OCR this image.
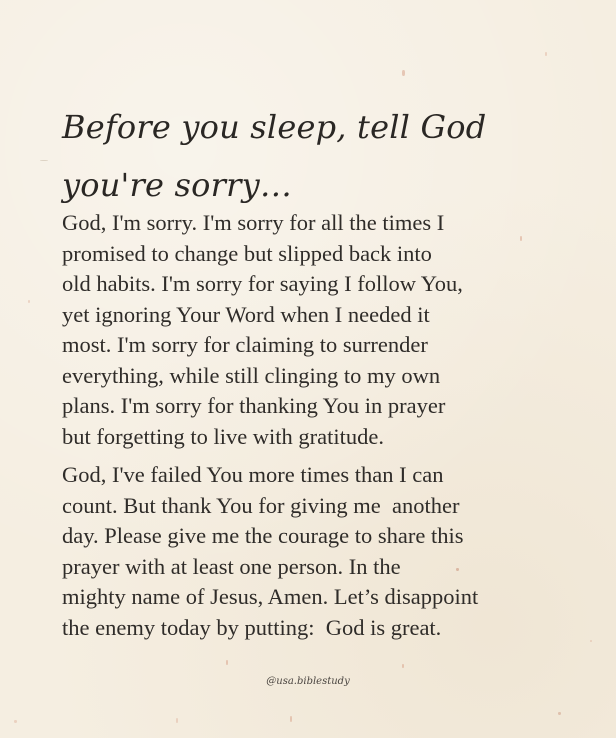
Before you sleep, tell God
you're sorry…

God, I'm sorry. I'm sorry for all the times I
promised to change but slipped back into
old habits. I'm sorry for saying I follow You,
yet ignoring Your Word when I needed it
most. I'm sorry for claiming to surrender
everything, while still clinging to my own
plans. I'm sorry for thanking You in prayer
but forgetting to live with gratitude.

God, I've failed You more times than I can
count. But thank You for giving me  another
day. Please give me the courage to share this
prayer with at least one person. In the
mighty name of Jesus, Amen. Let’s disappoint
the enemy today by putting:  God is great.

@usa.biblestudy
